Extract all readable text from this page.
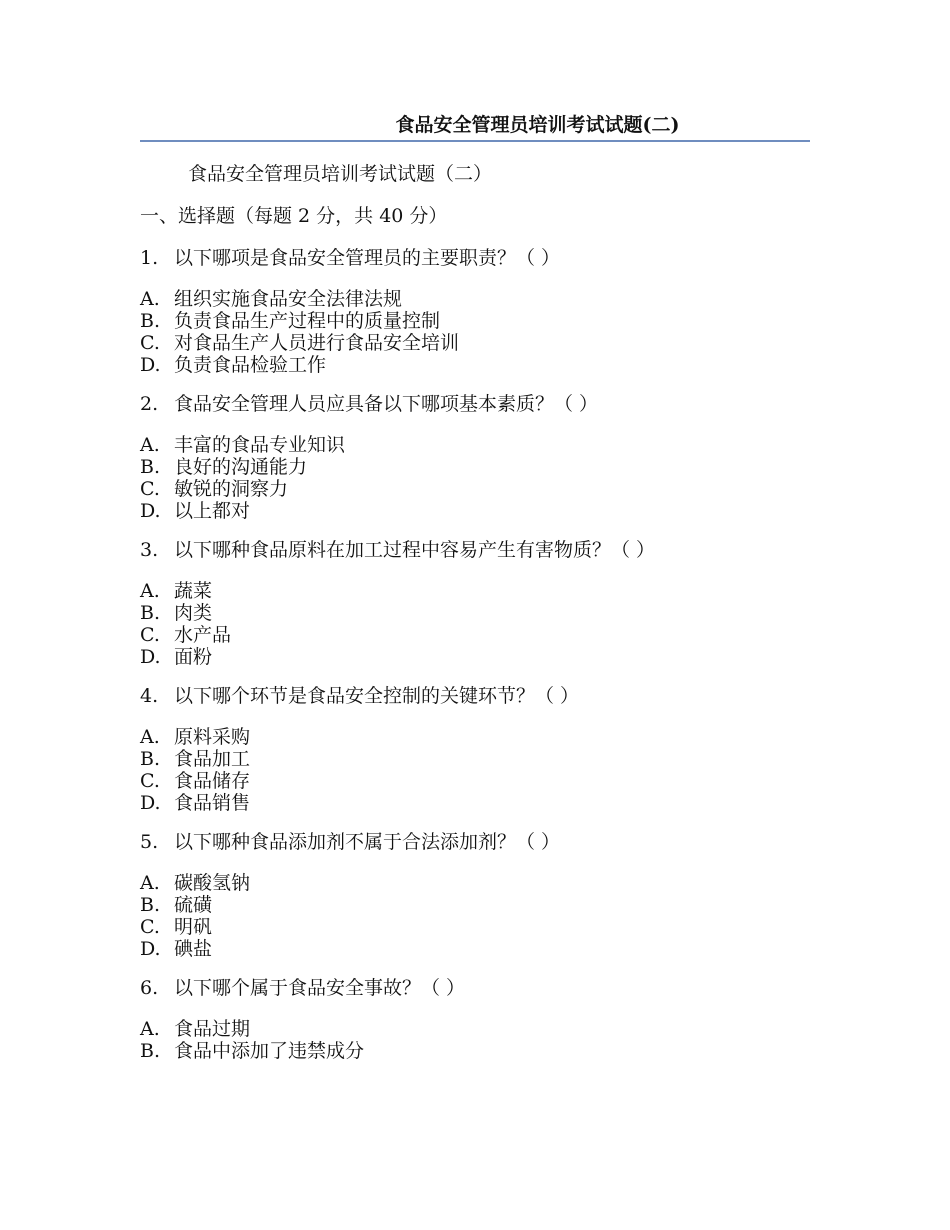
食品安全管理员培训考试试题(二)

食品安全管理员培训考试试题（二）

一、选择题（每题 2 分，共 40 分）

1. 以下哪项是食品安全管理员的主要职责？（ ）

A. 组织实施食品安全法律法规

B. 负责食品生产过程中的质量控制

C. 对食品生产人员进行食品安全培训

D. 负责食品检验工作

2. 食品安全管理人员应具备以下哪项基本素质？（ ）

A. 丰富的食品专业知识

B. 良好的沟通能力

C. 敏锐的洞察力

D. 以上都对

3. 以下哪种食品原料在加工过程中容易产生有害物质？（ ）

A. 蔬菜

B. 肉类

C. 水产品

D. 面粉

4. 以下哪个环节是食品安全控制的关键环节？（ ）

A. 原料采购

B. 食品加工

C. 食品储存

D. 食品销售

5. 以下哪种食品添加剂不属于合法添加剂？（ ）

A. 碳酸氢钠

B. 硫磺

C. 明矾

D. 碘盐

6. 以下哪个属于食品安全事故？（ ）

A. 食品过期

B. 食品中添加了违禁成分
